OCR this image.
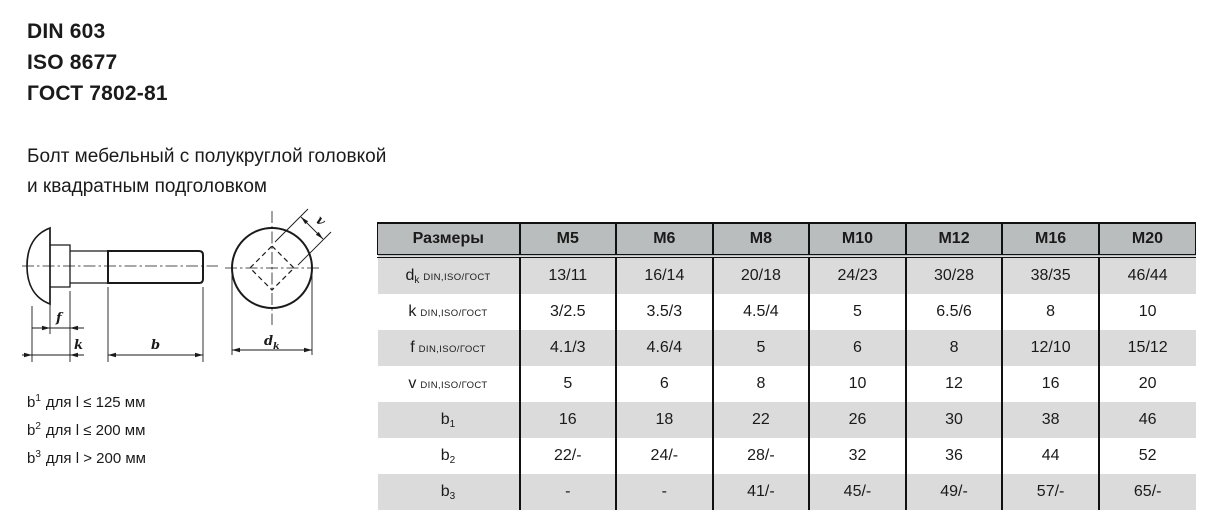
DIN 603
ISO 8677
ГОСТ 7802-81
Болт мебельный с полукруглой головкой
и квадратным подголовком
f
k	b
v
d k
$b^1$ для l ≤ 125 мм
$b^2$ для l ≤ 200 мм
$b^3$ для l > 200 мм
Размеры	M5	M6	M8	M10	M12	M16	M20
dk DIN,ISO/ГОСТ	13/11	16/14	20/18	24/23	30/28	38/35	46/44
k DIN,ISO/ГОСТ	3/2.5	3.5/3	4.5/4	5	6.5/6	8	10
f DIN,ISO/ГОСТ	4.1/3	4.6/4	5	6	8	12/10	15/12
v DIN,ISO/ГОСТ	5	6	8	10	12	16	20
b1	16	18	22	26	30	38	46
b2	22/-	24/-	28/-	32	36	44	52
b3	-	-	41/-	45/-	49/-	57/-	65/-
